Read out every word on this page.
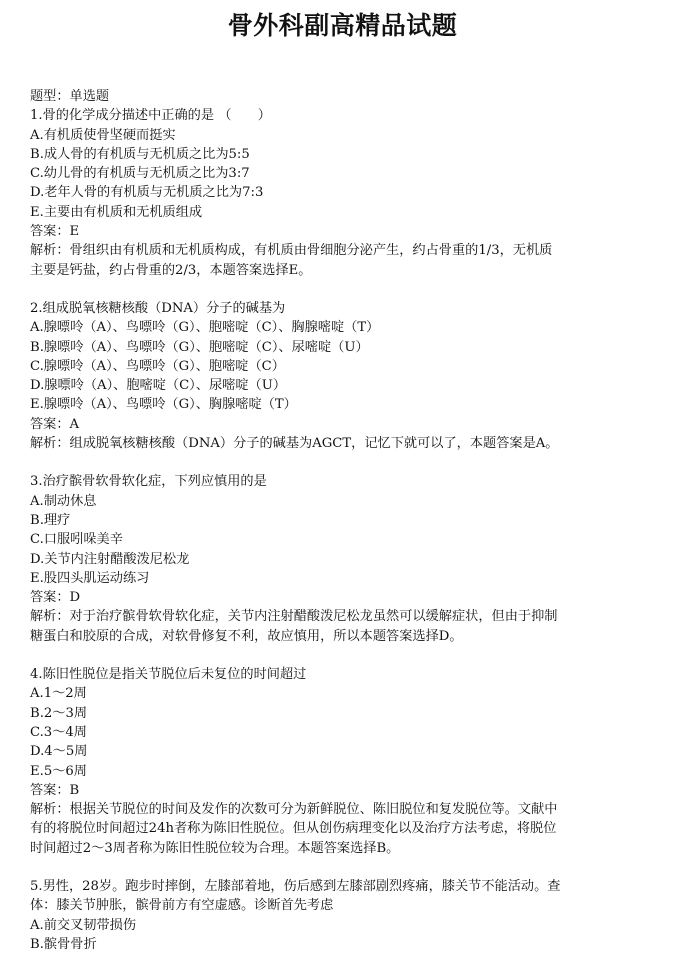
骨外科副高精品试题
题型：单选题
1.骨的化学成分描述中正确的是 （　　）
A.有机质使骨坚硬而挺实
B.成人骨的有机质与无机质之比为5:5
C.幼儿骨的有机质与无机质之比为3:7
D.老年人骨的有机质与无机质之比为7:3
E.主要由有机质和无机质组成
答案：E
解析：骨组织由有机质和无机质构成，有机质由骨细胞分泌产生，约占骨重的1/3，无机质
主要是钙盐，约占骨重的2/3，本题答案选择E。
2.组成脱氧核糖核酸（DNA）分子的碱基为
A.腺嘌呤（A）、鸟嘌呤（G）、胞嘧啶（C）、胸腺嘧啶（T）
B.腺嘌呤（A）、鸟嘌呤（G）、胞嘧啶（C）、尿嘧啶（U）
C.腺嘌呤（A）、鸟嘌呤（G）、胞嘧啶（C）
D.腺嘌呤（A）、胞嘧啶（C）、尿嘧啶（U）
E.腺嘌呤（A）、鸟嘌呤（G）、胸腺嘧啶（T）
答案：A
解析：组成脱氧核糖核酸（DNA）分子的碱基为AGCT，记忆下就可以了，本题答案是A。
3.治疗髌骨软骨软化症，下列应慎用的是
A.制动休息
B.理疗
C.口服吲哚美辛
D.关节内注射醋酸泼尼松龙
E.股四头肌运动练习
答案：D
解析：对于治疗髌骨软骨软化症，关节内注射醋酸泼尼松龙虽然可以缓解症状，但由于抑制
糖蛋白和胶原的合成，对软骨修复不利，故应慎用，所以本题答案选择D。
4.陈旧性脱位是指关节脱位后未复位的时间超过
A.1～2周
B.2～3周
C.3～4周
D.4～5周
E.5～6周
答案：B
解析：根据关节脱位的时间及发作的次数可分为新鲜脱位、陈旧脱位和复发脱位等。文献中
有的将脱位时间超过24h者称为陈旧性脱位。但从创伤病理变化以及治疗方法考虑，将脱位
时间超过2～3周者称为陈旧性脱位较为合理。本题答案选择B。
5.男性，28岁。跑步时摔倒，左膝部着地，伤后感到左膝部剧烈疼痛，膝关节不能活动。查
体：膝关节肿胀，髌骨前方有空虚感。诊断首先考虑
A.前交叉韧带损伤
B.髌骨骨折
